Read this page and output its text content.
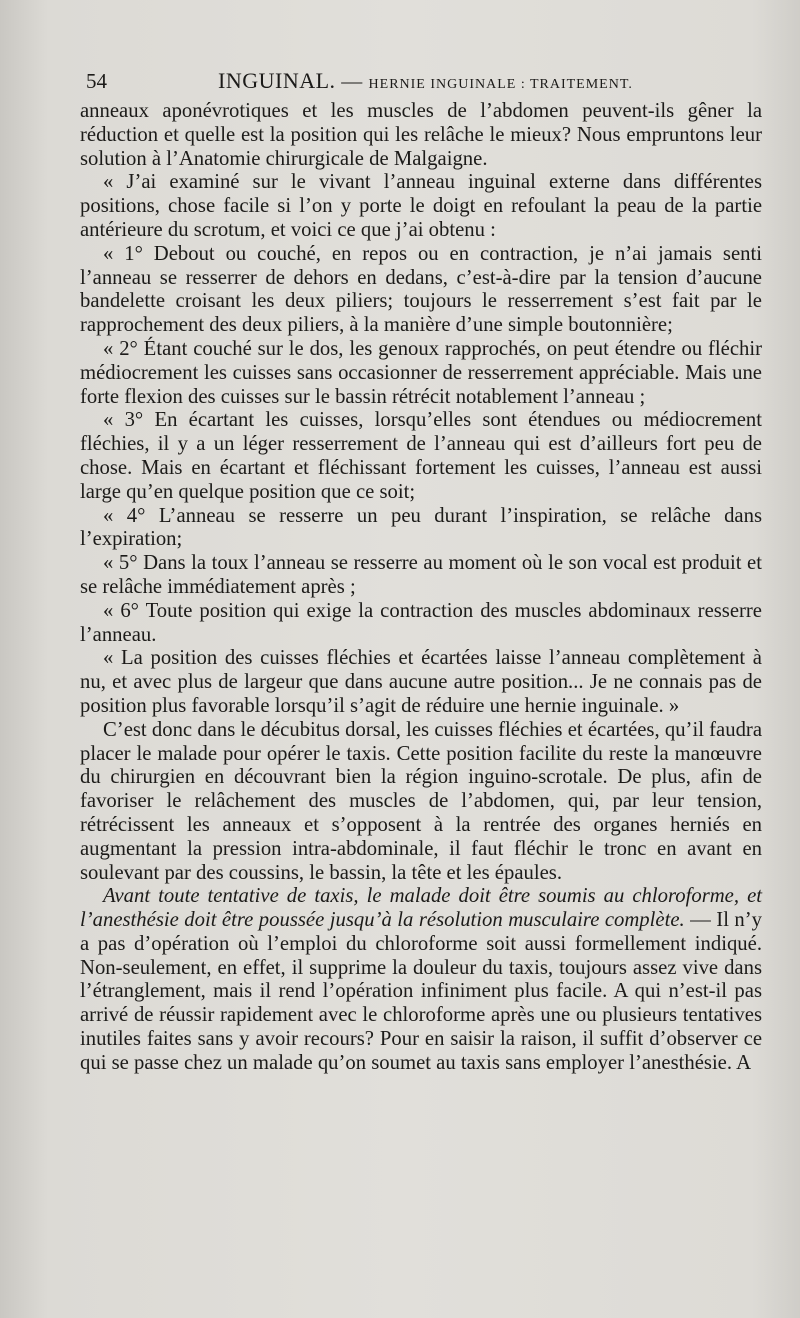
54	INGUINAL. — HERNIE INGUINALE : TRAITEMENT.

anneaux aponévrotiques et les muscles de l’abdomen peuvent-ils gêner la réduction et quelle est la position qui les relâche le mieux? Nous empruntons leur solution à l’Anatomie chirurgicale de Malgaigne.

« J’ai examiné sur le vivant l’anneau inguinal externe dans différentes positions, chose facile si l’on y porte le doigt en refoulant la peau de la partie antérieure du scrotum, et voici ce que j’ai obtenu :

« 1° Debout ou couché, en repos ou en contraction, je n’ai jamais senti l’anneau se resserrer de dehors en dedans, c’est-à-dire par la tension d’aucune bandelette croisant les deux piliers; toujours le resserrement s’est fait par le rapprochement des deux piliers, à la manière d’une simple boutonnière;

« 2° Étant couché sur le dos, les genoux rapprochés, on peut étendre ou fléchir médiocrement les cuisses sans occasionner de resserrement appréciable. Mais une forte flexion des cuisses sur le bassin rétrécit notablement l’anneau ;

« 3° En écartant les cuisses, lorsqu’elles sont étendues ou médiocrement fléchies, il y a un léger resserrement de l’anneau qui est d’ailleurs fort peu de chose. Mais en écartant et fléchissant fortement les cuisses, l’anneau est aussi large qu’en quelque position que ce soit;

« 4° L’anneau se resserre un peu durant l’inspiration, se relâche dans l’expiration;

« 5° Dans la toux l’anneau se resserre au moment où le son vocal est produit et se relâche immédiatement après ;

« 6° Toute position qui exige la contraction des muscles abdominaux resserre l’anneau.

« La position des cuisses fléchies et écartées laisse l’anneau complètement à nu, et avec plus de largeur que dans aucune autre position... Je ne connais pas de position plus favorable lorsqu’il s’agit de réduire une hernie inguinale. »

C’est donc dans le décubitus dorsal, les cuisses fléchies et écartées, qu’il faudra placer le malade pour opérer le taxis. Cette position facilite du reste la manœuvre du chirurgien en découvrant bien la région inguino-scrotale. De plus, afin de favoriser le relâchement des muscles de l’abdomen, qui, par leur tension, rétrécissent les anneaux et s’opposent à la rentrée des organes herniés en augmentant la pression intra-abdominale, il faut fléchir le tronc en avant en soulevant par des coussins, le bassin, la tête et les épaules.

Avant toute tentative de taxis, le malade doit être soumis au chloroforme, et l’anesthésie doit être poussée jusqu’à la résolution musculaire complète. — Il n’y a pas d’opération où l’emploi du chloroforme soit aussi formellement indiqué. Non-seulement, en effet, il supprime la douleur du taxis, toujours assez vive dans l’étranglement, mais il rend l’opération infiniment plus facile. A qui n’est-il pas arrivé de réussir rapidement avec le chloroforme après une ou plusieurs tentatives inutiles faites sans y avoir recours? Pour en saisir la raison, il suffit d’observer ce qui se passe chez un malade qu’on soumet au taxis sans employer l’anesthésie. A
